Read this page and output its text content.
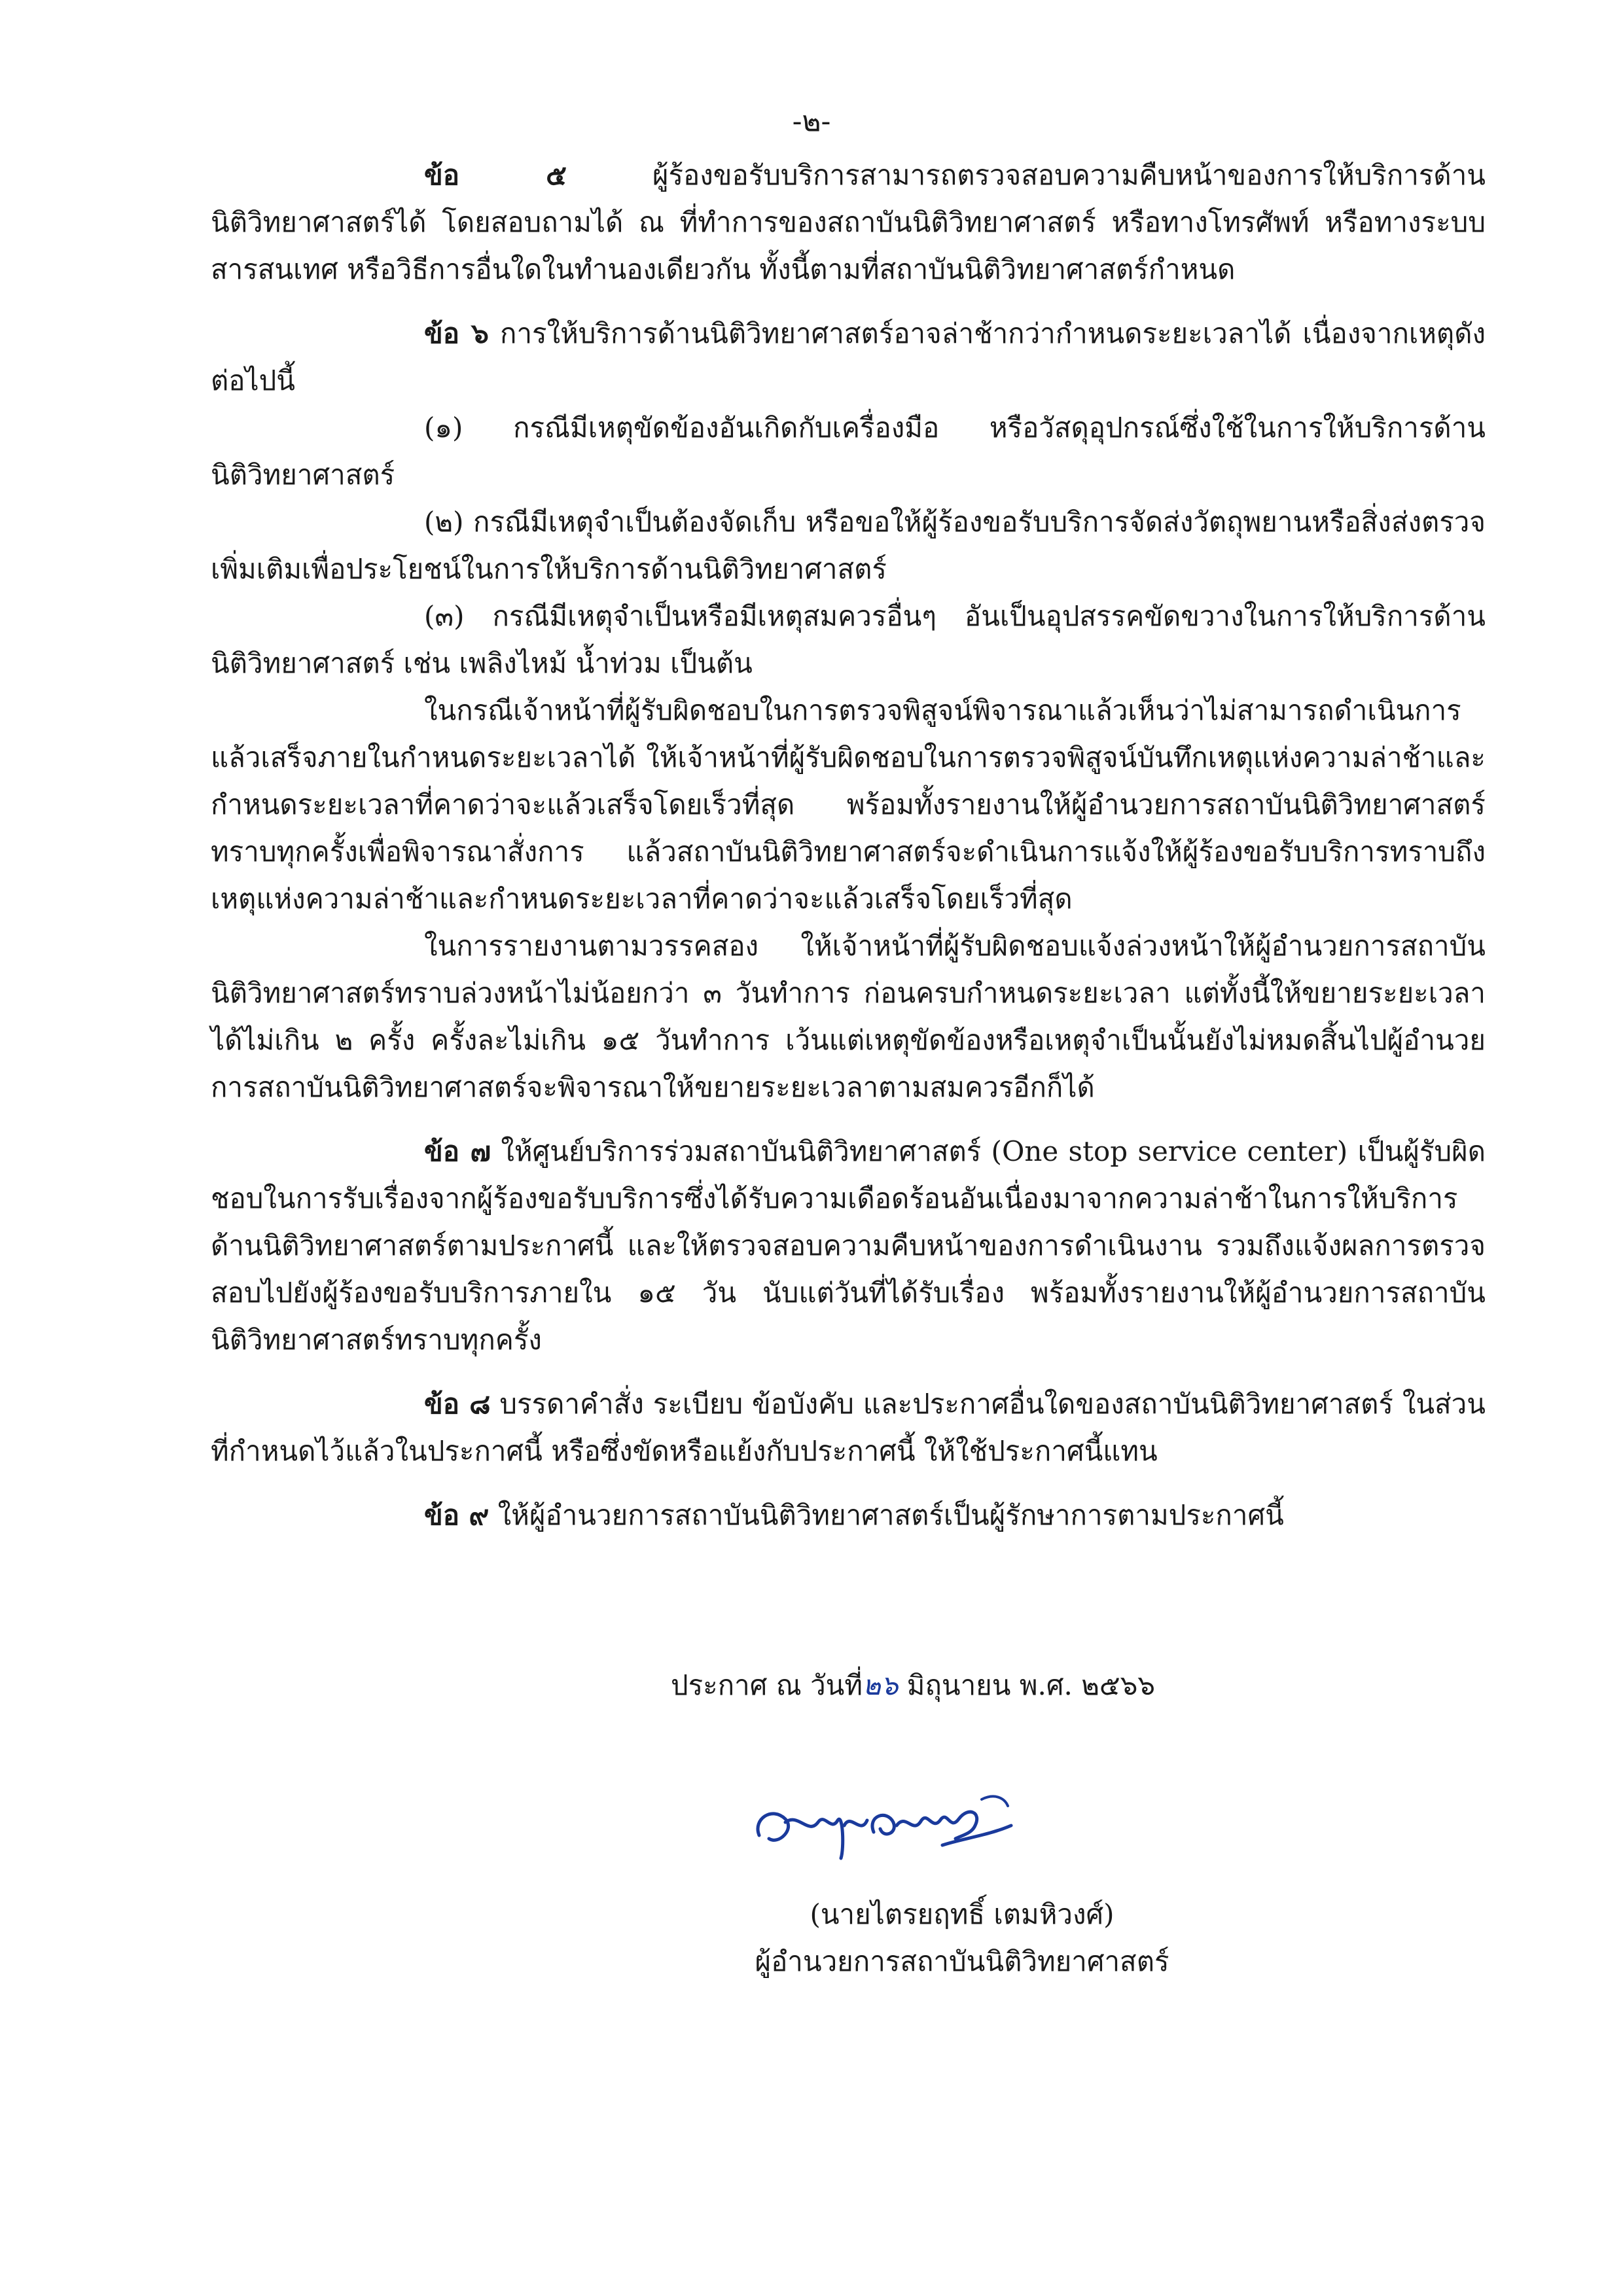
-๒-

ข้อ ๕ ผู้ร้องขอรับบริการสามารถตรวจสอบความคืบหน้าของการให้บริการด้านนิติวิทยาศาสตร์ได้ โดยสอบถามได้ ณ ที่ทำการของสถาบันนิติวิทยาศาสตร์ หรือทางโทรศัพท์ หรือทางระบบสารสนเทศ หรือวิธีการอื่นใดในทำนองเดียวกัน ทั้งนี้ตามที่สถาบันนิติวิทยาศาสตร์กำหนด

ข้อ ๖ การให้บริการด้านนิติวิทยาศาสตร์อาจล่าช้ากว่ากำหนดระยะเวลาได้ เนื่องจากเหตุดังต่อไปนี้

(๑) กรณีมีเหตุขัดข้องอันเกิดกับเครื่องมือ หรือวัสดุอุปกรณ์ซึ่งใช้ในการให้บริการด้านนิติวิทยาศาสตร์

(๒) กรณีมีเหตุจำเป็นต้องจัดเก็บ หรือขอให้ผู้ร้องขอรับบริการจัดส่งวัตถุพยานหรือสิ่งส่งตรวจเพิ่มเติมเพื่อประโยชน์ในการให้บริการด้านนิติวิทยาศาสตร์

(๓) กรณีมีเหตุจำเป็นหรือมีเหตุสมควรอื่นๆ อันเป็นอุปสรรคขัดขวางในการให้บริการด้านนิติวิทยาศาสตร์ เช่น เพลิงไหม้ น้ำท่วม เป็นต้น

ในกรณีเจ้าหน้าที่ผู้รับผิดชอบในการตรวจพิสูจน์พิจารณาแล้วเห็นว่าไม่สามารถดำเนินการแล้วเสร็จภายในกำหนดระยะเวลาได้ ให้เจ้าหน้าที่ผู้รับผิดชอบในการตรวจพิสูจน์บันทึกเหตุแห่งความล่าช้าและกำหนดระยะเวลาที่คาดว่าจะแล้วเสร็จโดยเร็วที่สุด พร้อมทั้งรายงานให้ผู้อำนวยการสถาบันนิติวิทยาศาสตร์ทราบทุกครั้งเพื่อพิจารณาสั่งการ แล้วสถาบันนิติวิทยาศาสตร์จะดำเนินการแจ้งให้ผู้ร้องขอรับบริการทราบถึงเหตุแห่งความล่าช้าและกำหนดระยะเวลาที่คาดว่าจะแล้วเสร็จโดยเร็วที่สุด

ในการรายงานตามวรรคสอง ให้เจ้าหน้าที่ผู้รับผิดชอบแจ้งล่วงหน้าให้ผู้อำนวยการสถาบันนิติวิทยาศาสตร์ทราบล่วงหน้าไม่น้อยกว่า ๓ วันทำการ ก่อนครบกำหนดระยะเวลา แต่ทั้งนี้ให้ขยายระยะเวลาได้ไม่เกิน ๒ ครั้ง ครั้งละไม่เกิน ๑๕ วันทำการ เว้นแต่เหตุขัดข้องหรือเหตุจำเป็นนั้นยังไม่หมดสิ้นไปผู้อำนวยการสถาบันนิติวิทยาศาสตร์จะพิจารณาให้ขยายระยะเวลาตามสมควรอีกก็ได้

ข้อ ๗ ให้ศูนย์บริการร่วมสถาบันนิติวิทยาศาสตร์ (One stop service center) เป็นผู้รับผิดชอบในการรับเรื่องจากผู้ร้องขอรับบริการซึ่งได้รับความเดือดร้อนอันเนื่องมาจากความล่าช้าในการให้บริการด้านนิติวิทยาศาสตร์ตามประกาศนี้ และให้ตรวจสอบความคืบหน้าของการดำเนินงาน รวมถึงแจ้งผลการตรวจสอบไปยังผู้ร้องขอรับบริการภายใน ๑๕ วัน นับแต่วันที่ได้รับเรื่อง พร้อมทั้งรายงานให้ผู้อำนวยการสถาบันนิติวิทยาศาสตร์ทราบทุกครั้ง

ข้อ ๘ บรรดาคำสั่ง ระเบียบ ข้อบังคับ และประกาศอื่นใดของสถาบันนิติวิทยาศาสตร์ ในส่วนที่กำหนดไว้แล้วในประกาศนี้ หรือซึ่งขัดหรือแย้งกับประกาศนี้ ให้ใช้ประกาศนี้แทน

ข้อ ๙ ให้ผู้อำนวยการสถาบันนิติวิทยาศาสตร์เป็นผู้รักษาการตามประกาศนี้

ประกาศ ณ วันที่๒๖ มิถุนายน พ.ศ. ๒๕๖๖
(นายไตรยฤทธิ์ เตมหิวงศ์)
ผู้อำนวยการสถาบันนิติวิทยาศาสตร์
